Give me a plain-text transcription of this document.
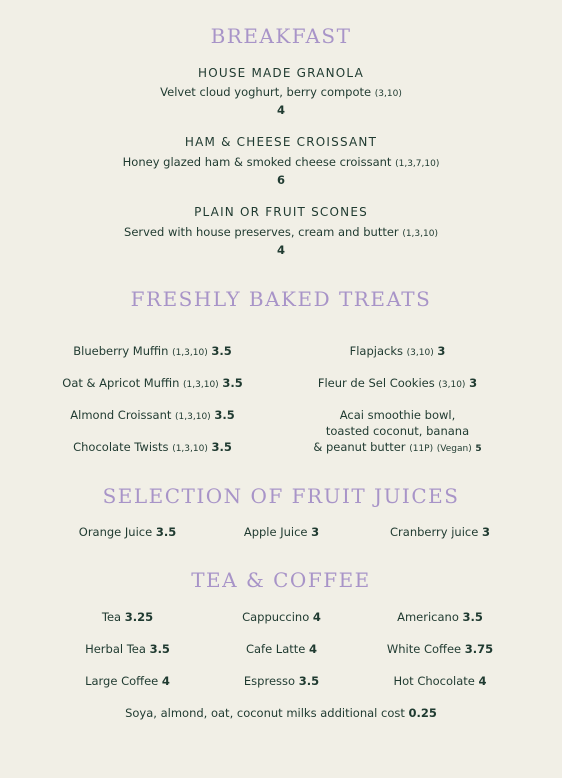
BREAKFAST
HOUSE MADE GRANOLA
Velvet cloud yoghurt, berry compote (3,10)
4
HAM & CHEESE CROISSANT
Honey glazed ham & smoked cheese croissant (1,3,7,10)
6
PLAIN OR FRUIT SCONES
Served with house preserves, cream and butter (1,3,10)
4
FRESHLY BAKED TREATS
Blueberry Muffin (1,3,10) 3.5
Oat & Apricot Muffin (1,3,10) 3.5
Almond Croissant (1,3,10) 3.5
Chocolate Twists (1,3,10) 3.5
Flapjacks (3,10) 3
Fleur de Sel Cookies (3,10) 3
Acai smoothie bowl,
toasted coconut, banana
& peanut butter (11P) (Vegan) 5
SELECTION OF FRUIT JUICES
Orange Juice 3.5	Apple Juice 3	Cranberry juice 3
TEA & COFFEE
Tea 3.25	Cappuccino 4	Americano 3.5
Herbal Tea 3.5	Cafe Latte 4	White Coffee 3.75
Large Coffee 4	Espresso 3.5	Hot Chocolate 4
Soya, almond, oat, coconut milks additional cost 0.25
